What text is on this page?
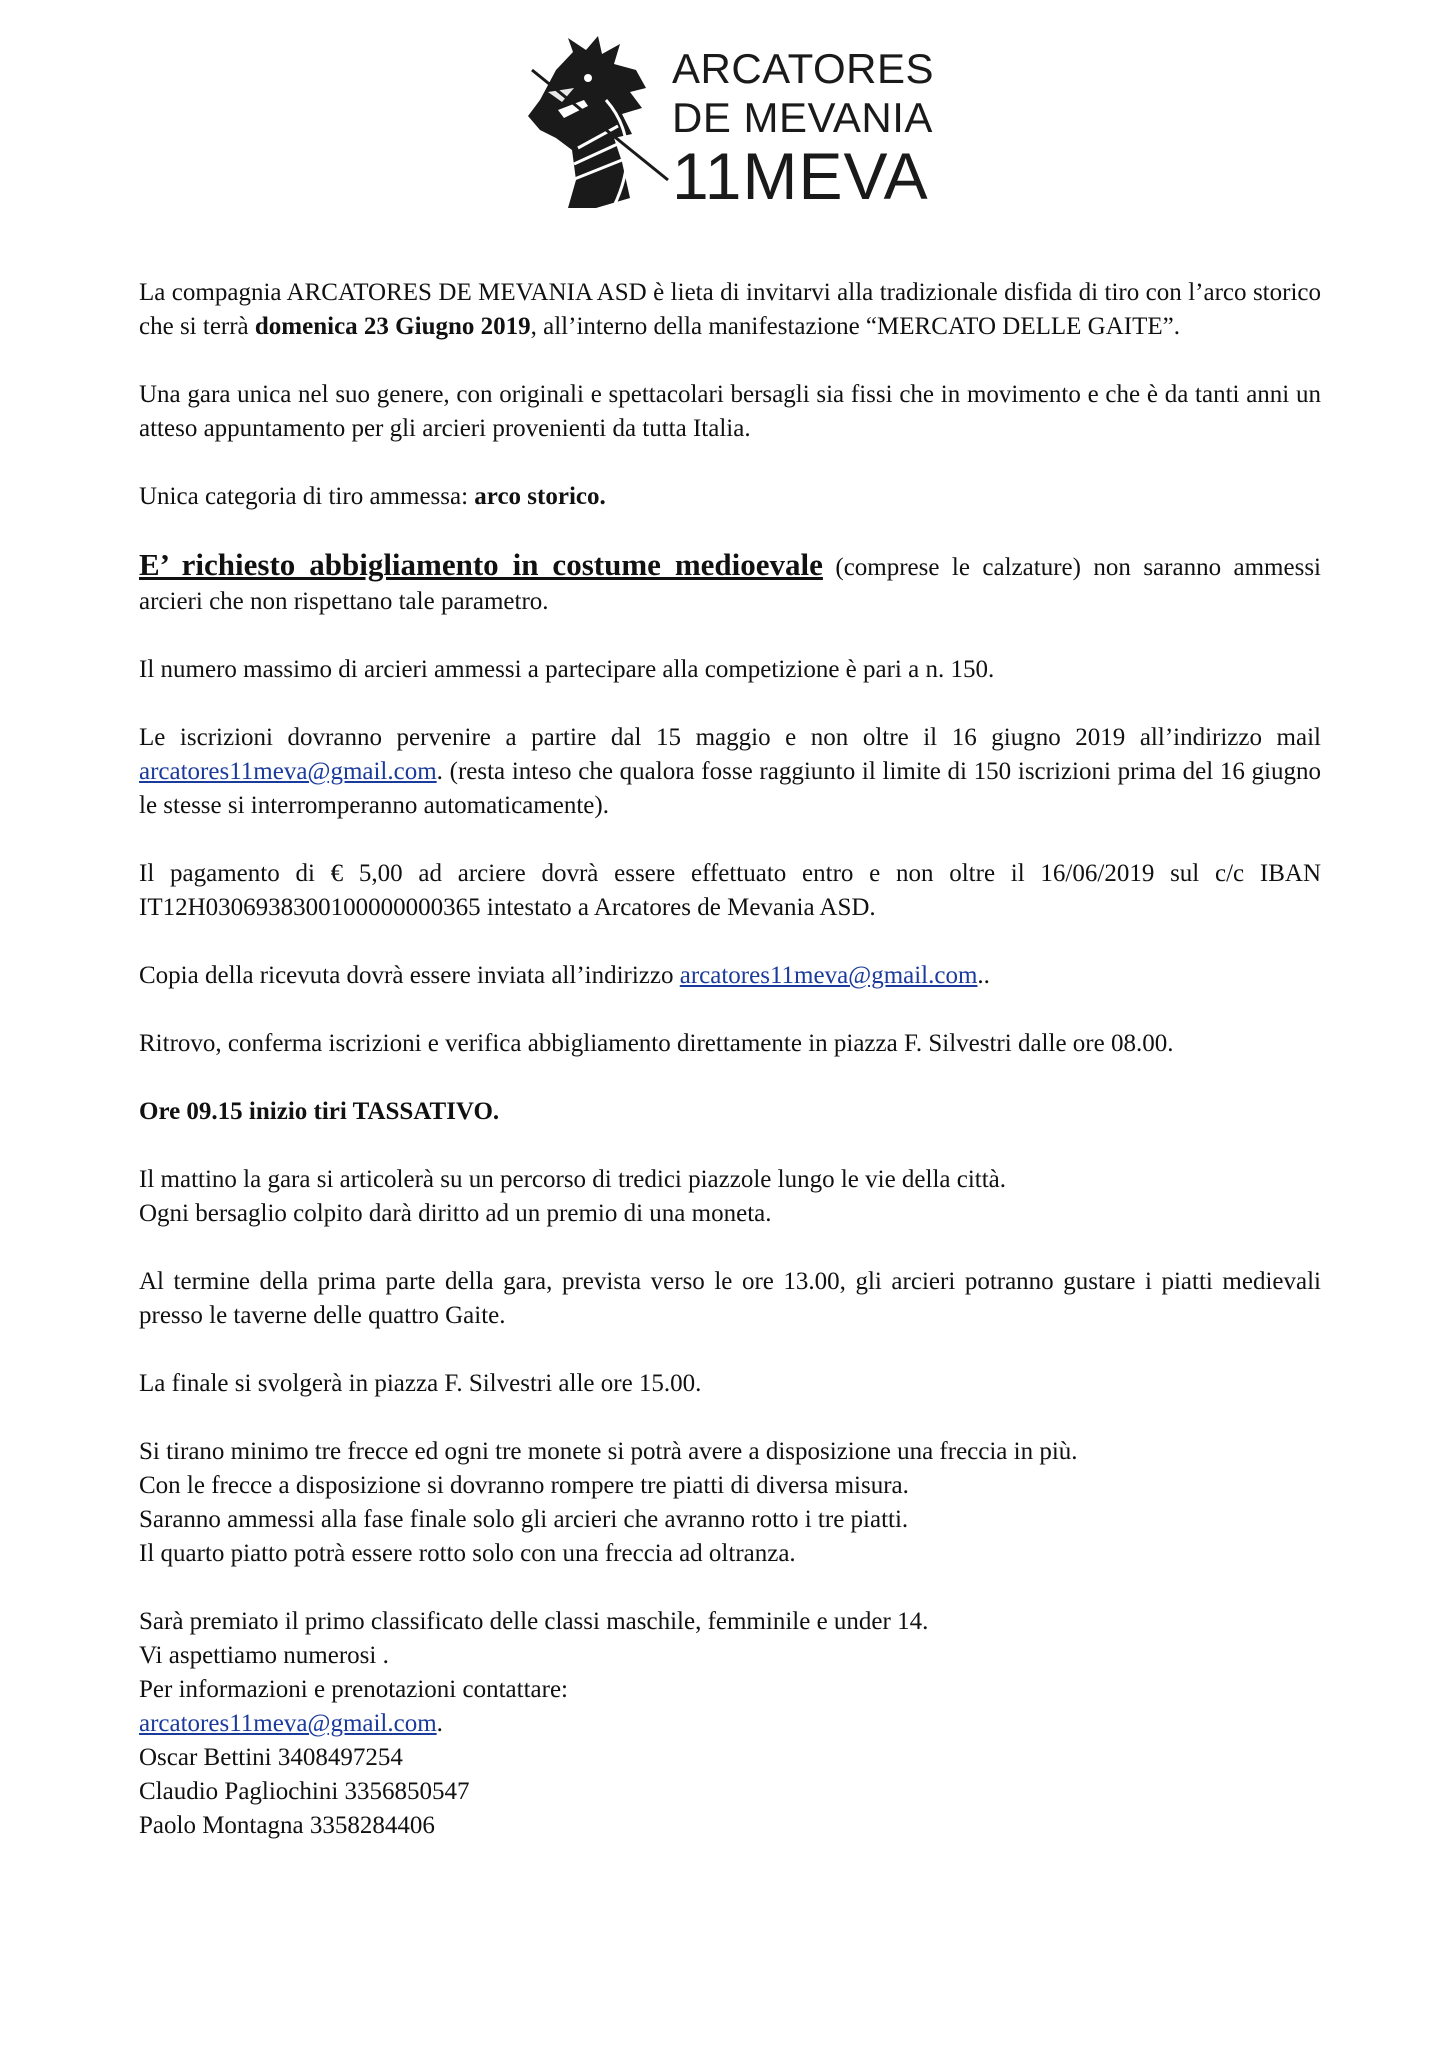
ARCATORES
DE MEVANIA
11MEVA

La compagnia ARCATORES DE MEVANIA ASD è lieta di invitarvi alla tradizionale disfida di tiro con l’arco storico che si terrà domenica 23 Giugno 2019, all’interno della manifestazione “MERCATO DELLE GAITE”.

Una gara unica nel suo genere, con originali e spettacolari bersagli sia fissi che in movimento e che è da tanti anni un atteso appuntamento per gli arcieri provenienti da tutta Italia.

Unica categoria di tiro ammessa: arco storico.

E’ richiesto abbigliamento in costume medioevale (comprese le calzature) non saranno ammessi arcieri che non rispettano tale parametro.

Il numero massimo di arcieri ammessi a partecipare alla competizione è pari a n. 150.

Le iscrizioni dovranno pervenire a partire dal 15 maggio e non oltre il 16 giugno 2019 all’indirizzo mail arcatores11meva@gmail.com. (resta inteso che qualora fosse raggiunto il limite di 150 iscrizioni prima del 16 giugno le stesse si interromperanno automaticamente).

Il pagamento di € 5,00 ad arciere dovrà essere effettuato entro e non oltre il 16/06/2019 sul c/c IBAN IT12H0306938300100000000365 intestato a Arcatores de Mevania ASD.

Copia della ricevuta dovrà essere inviata all’indirizzo arcatores11meva@gmail.com..

Ritrovo, conferma iscrizioni e verifica abbigliamento direttamente in piazza F. Silvestri dalle ore 08.00.

Ore 09.15 inizio tiri TASSATIVO.

Il mattino la gara si articolerà su un percorso di tredici piazzole lungo le vie della città.
Ogni bersaglio colpito darà diritto ad un premio di una moneta.

Al termine della prima parte della gara, prevista verso le ore 13.00, gli arcieri potranno gustare i piatti medievali presso le taverne delle quattro Gaite.

La finale si svolgerà in piazza F. Silvestri alle ore 15.00.

Si tirano minimo tre frecce ed ogni tre monete si potrà avere a disposizione una freccia in più.
Con le frecce a disposizione si dovranno rompere tre piatti di diversa misura.
Saranno ammessi alla fase finale solo gli arcieri che avranno rotto i tre piatti.
Il quarto piatto potrà essere rotto solo con una freccia ad oltranza.

Sarà premiato il primo classificato delle classi maschile, femminile e under 14.
Vi aspettiamo numerosi .
Per informazioni e prenotazioni contattare:
arcatores11meva@gmail.com.
Oscar Bettini 3408497254
Claudio Pagliochini 3356850547
Paolo Montagna 3358284406
